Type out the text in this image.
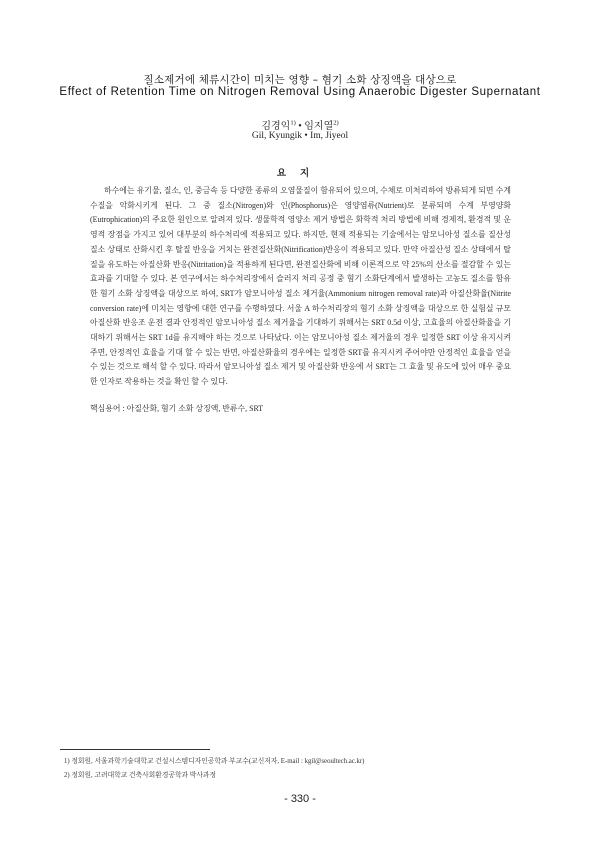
질소제거에 체류시간이 미치는 영향 – 혐기 소화 상징액을 대상으로
Effect of Retention Time on Nitrogen Removal Using Anaerobic Digester Supernatant
김경익$^{1)}$ • 임지열$^{2)}$
Gil, Kyungik • Im, Jiyeol
요지

하수에는 유기물, 질소, 인, 중금속 등 다양한 종류의 오염물질이 함유되어 있으며, 수체로 미처리하여 방류되게 되면 수계 수질을 악화시키게 된다. 그 중 질소(Nitrogen)와 인(Phosphorus)은 영양염류(Nutrient)로 분류되며 수계 부영양화(Eutrophication)의 주요한 원인으로 알려져 있다. 생물학적 영양소 제거 방법은 화학적 처리 방법에 비해 경제적, 환경적 및 운영적 장점을 가지고 있어 대부분의 하수처리에 적용되고 있다. 하지만, 현재 적용되는 기술에서는 암모니아성 질소를 질산성 질소 상태로 산화시킨 후 탈질 반응을 거치는 완전질산화(Nitrification)반응이 적용되고 있다. 만약 아질산성 질소 상태에서 탈질을 유도하는 아질산화 반응(Nitritation)을 적용하게 된다면, 완전질산화에 비해 이론적으로 약 25%의 산소를 절감할 수 있는 효과를 기대할 수 있다. 본 연구에서는 하수처리장에서 슬러지 처리 공정 중 혐기 소화단계에서 발생하는 고농도 질소를 함유한 혐기 소화 상징액을 대상으로 하여, SRT가 암모니아성 질소 제거율(Ammonium nitrogen removal rate)과 아질산화율(Nitrite conversion rate)에 미치는 영향에 대한 연구를 수행하였다. 서울 A 하수처리장의 혐기 소화 상징액을 대상으로 한 실험실 규모 아질산화 반응조 운전 결과 안정적인 암모니아성 질소 제거율을 기대하기 위해서는 SRT 0.5d 이상, 고효율의 아질산화율을 기대하기 위해서는 SRT 1d를 유지해야 하는 것으로 나타났다. 이는 암모니아성 질소 제거율의 경우 일정한 SRT 이상 유지시켜 주면, 안정적인 효율을 기대 할 수 있는 반면, 아질산화율의 경우에는 일정한 SRT를 유지시켜 주어야만 안정적인 효율을 얻을 수 있는 것으로 해석 할 수 있다. 따라서 암모니아성 질소 제거 및 아질산화 반응에 서 SRT는 그 효율 및 유도에 있어 매우 중요한 인자로 작용하는 것을 확인 할 수 있다.

핵심용어 : 아질산화, 혐기 소화 상징액, 반류수, SRT
1) 정회원, 서울과학기술대학교 건설시스템디자인공학과 부교수(교신저자, E-mail : kgil@seoultech.ac.kr)
2) 정회원, 고려대학교 건축사회환경공학과 박사과정
- 330 -
